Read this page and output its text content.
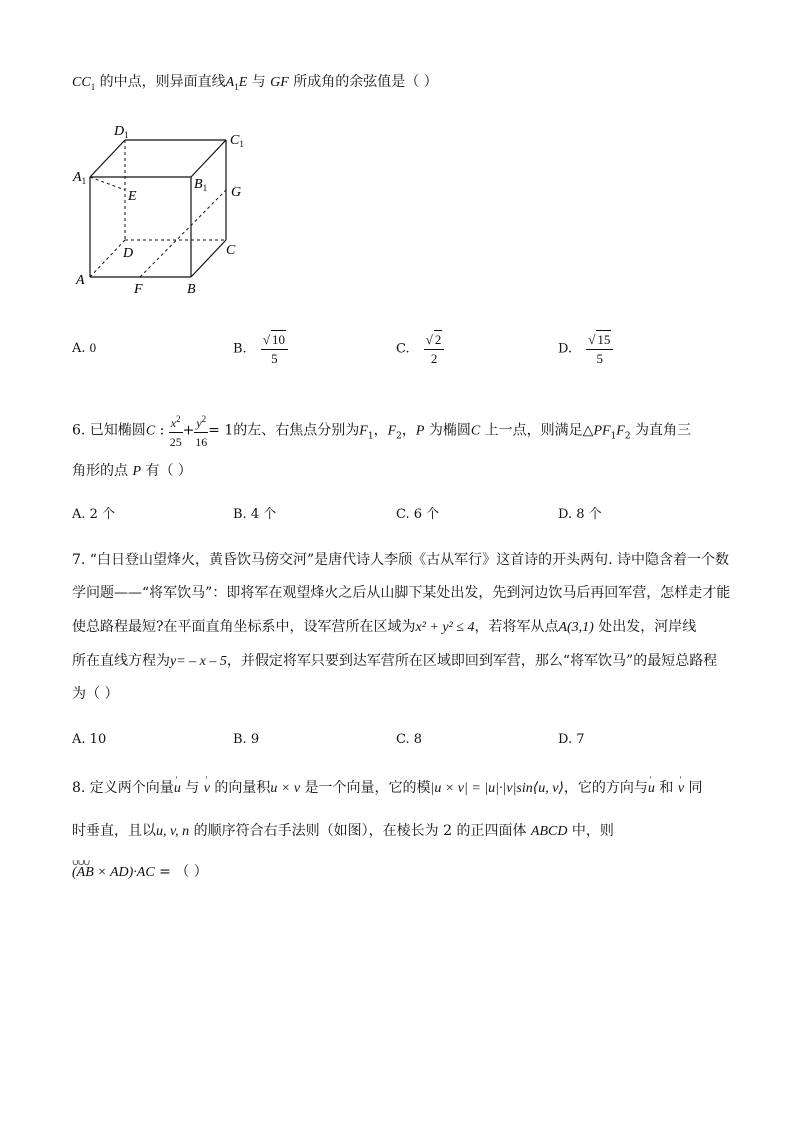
$CC_1$ 的中点，则异面直线$A_1E$ 与 GF 所成角的余弦值是（ ）
$D_1$	$C_1$
$A_1$	$B_1$
E	G
D	C
A
F	B
A. 0	B. $\frac{√ 10}{5}$	C. $\frac{√ 2}{2}$	D. $\frac{√ 15}{5}$
6. 已知椭圆C : $\frac{x^2}{25} + \frac{y^2}{16} = 1$的左、右焦点分别为$F_1$，$F_2$，P 为椭圆C 上一点，则满足$\triangle PF_1F_2$ 为直角三
角形的点 P 有（ ）
A. 2 个	B. 4 个	C. 6 个	D. 8 个
7. “白日登山望烽火，黄昏饮马傍交河”是唐代诗人李颀《古从军行》这首诗的开头两句. 诗中隐含着一个数
学问题——“将军饮马”：即将军在观望烽火之后从山脚下某处出发，先到河边饮马后再回军营，怎样走才能
使总路程最短?在平面直角坐标系中，设军营所在区域为x² + y² ≤ 4，若将军从点A(3,1) 处出发，河岸线
所在直线方程为y= – x – 5，并假定将军只要到达军营所在区域即回到军营，那么“将军饮马”的最短总路程
为（ ）
A. 10	B. 9	C. 8	D. 7
8. 定义两个向量' u 与 ' v 的向量积u × v 是一个向量，它的模|u × v| = |u|·|v|sin⟨u, v⟩，它的方向与' u 和 ' v 同
时垂直，且以u, v, n 的顺序符合右手法则（如图），在棱长为 2 的正四面体 ABCD 中，则
∪∪∪ (AB × AD)·AC = （ ）
